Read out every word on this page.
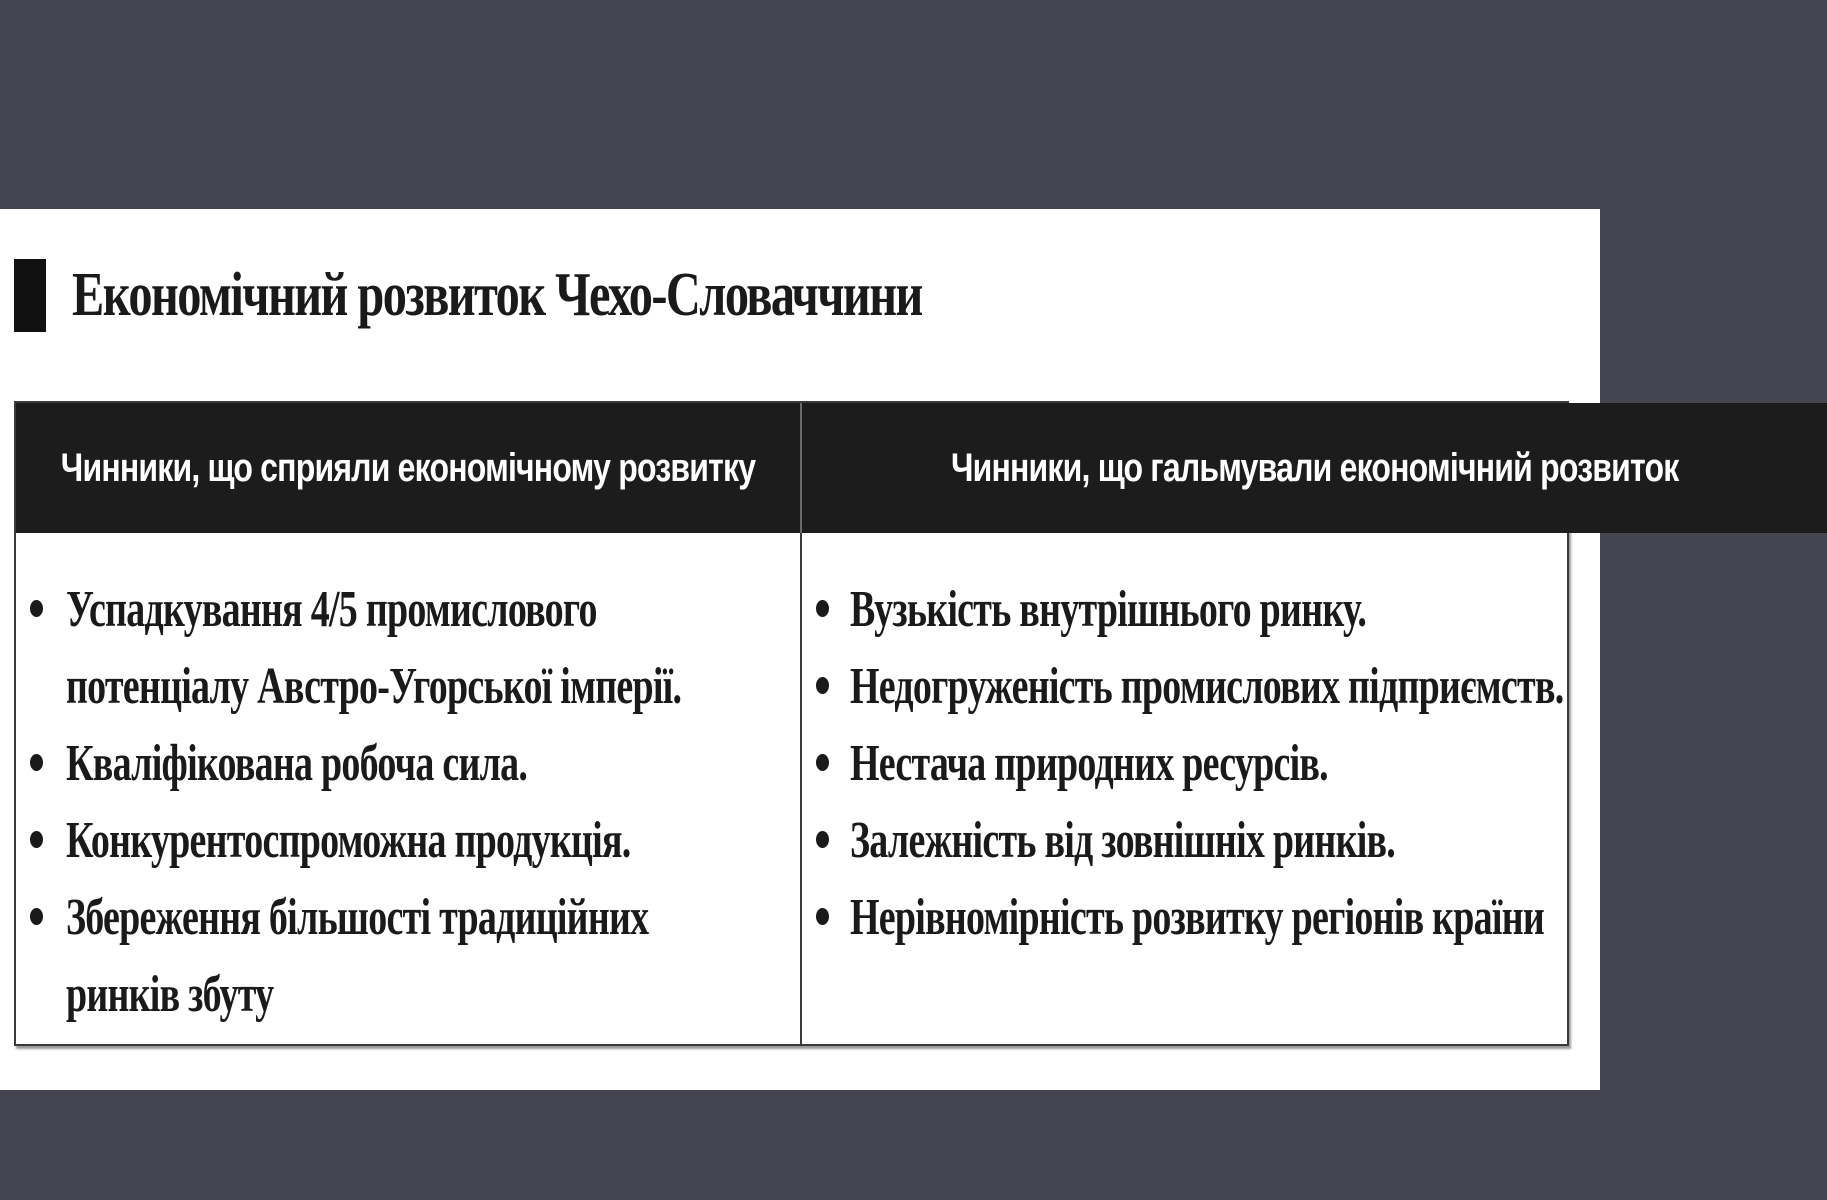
Економічний розвиток Чехо-Словаччини
Чинники, що сприяли економічному розвитку	Чинники, що гальмували економічний розвиток
Успадкування 4/5 промислового потенціалу Австро-Угорської імперії.
Кваліфікована робоча сила.
Конкурентоспроможна продукція.
Збереження більшості традиційних ринків збуту
Вузькість внутрішнього ринку.
Недогруженість промислових підприємств.
Нестача природних ресурсів.
Залежність від зовнішніх ринків.
Нерівномірність розвитку регіонів країни
